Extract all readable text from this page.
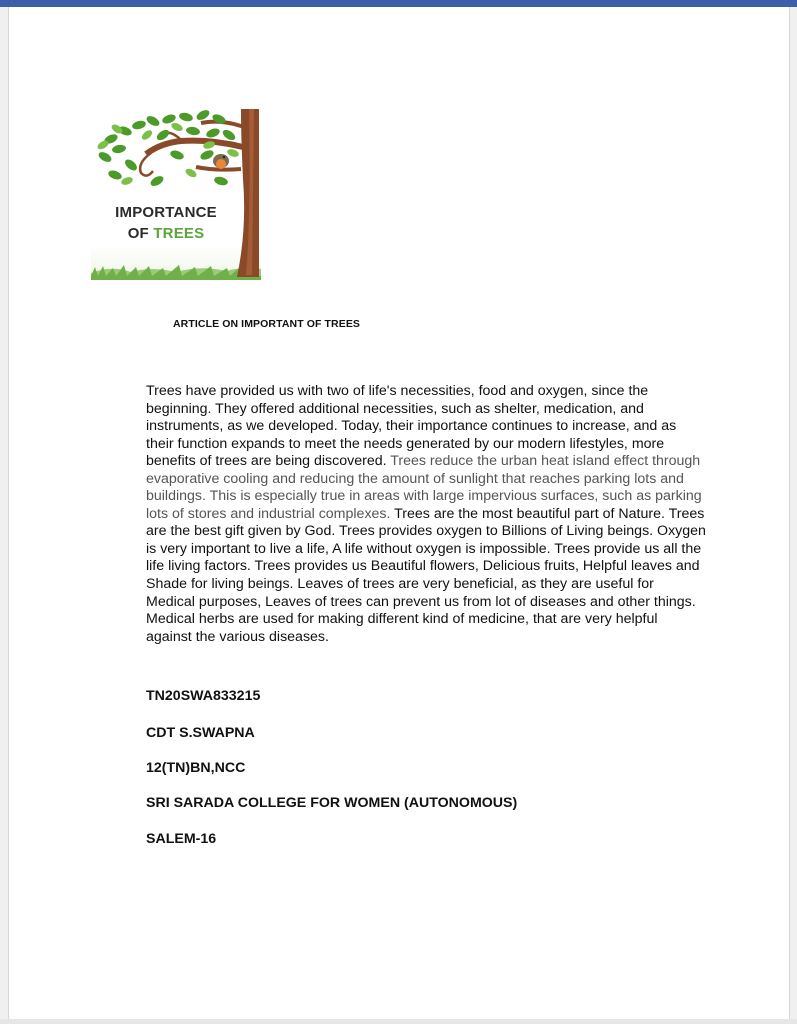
IMPORTANCE
OF TREES
ARTICLE ON IMPORTANT OF TREES

Trees have provided us with two of life's necessities, food and oxygen, since the beginning. They offered additional necessities, such as shelter, medication, and instruments, as we developed. Today, their importance continues to increase, and as their function expands to meet the needs generated by our modern lifestyles, more benefits of trees are being discovered. Trees reduce the urban heat island effect through evaporative cooling and reducing the amount of sunlight that reaches parking lots and buildings. This is especially true in areas with large impervious surfaces, such as parking lots of stores and industrial complexes. Trees are the most beautiful part of Nature. Trees are the best gift given by God. Trees provides oxygen to Billions of Living beings. Oxygen is very important to live a life, A life without oxygen is impossible. Trees provide us all the life living factors. Trees provides us Beautiful flowers, Delicious fruits, Helpful leaves and Shade for living beings. Leaves of trees are very beneficial, as they are useful for Medical purposes, Leaves of trees can prevent us from lot of diseases and other things. Medical herbs are used for making different kind of medicine, that are very helpful against the various diseases.

TN20SWA833215

CDT S.SWAPNA

12(TN)BN,NCC

SRI SARADA COLLEGE FOR WOMEN (AUTONOMOUS)

SALEM-16
